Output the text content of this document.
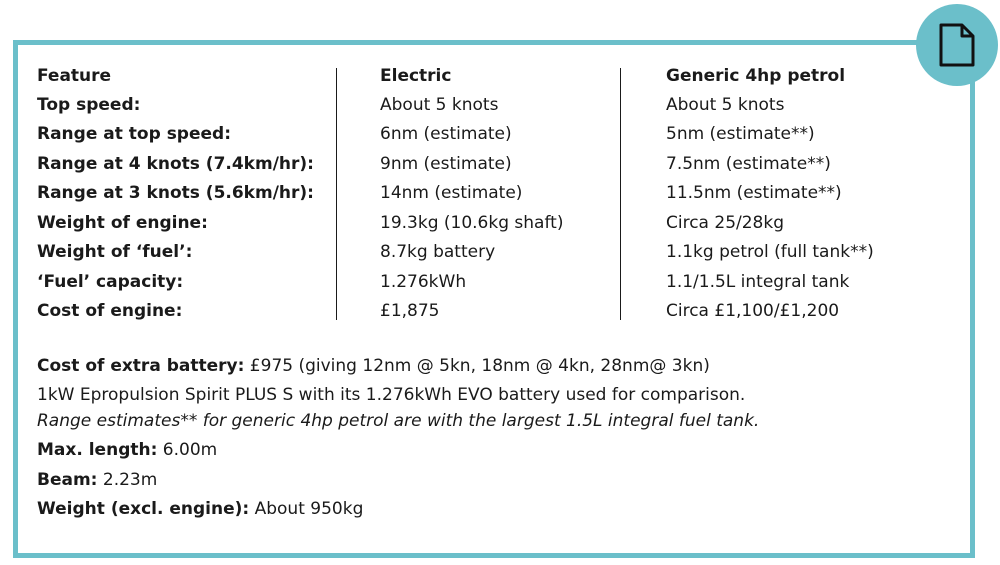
Feature	Electric	Generic 4hp petrol
Top speed:	About 5 knots	About 5 knots
Range at top speed:	6nm (estimate)	5nm (estimate**)
Range at 4 knots (7.4km/hr):	9nm (estimate)	7.5nm (estimate**)
Range at 3 knots (5.6km/hr):	14nm (estimate)	11.5nm (estimate**)
Weight of engine:	19.3kg (10.6kg shaft)	Circa 25/28kg
Weight of ‘fuel’:	8.7kg battery	1.1kg petrol (full tank**)
‘Fuel’ capacity:	1.276kWh	1.1/1.5L integral tank
Cost of engine:	£1,875	Circa £1,100/£1,200
Cost of extra battery: £975 (giving 12nm @ 5kn, 18nm @ 4kn, 28nm@ 3kn)
1kW Epropulsion Spirit PLUS S with its 1.276kWh EVO battery used for comparison.
Range estimates** for generic 4hp petrol are with the largest 1.5L integral fuel tank.
Max. length: 6.00m
Beam: 2.23m
Weight (excl. engine): About 950kg
